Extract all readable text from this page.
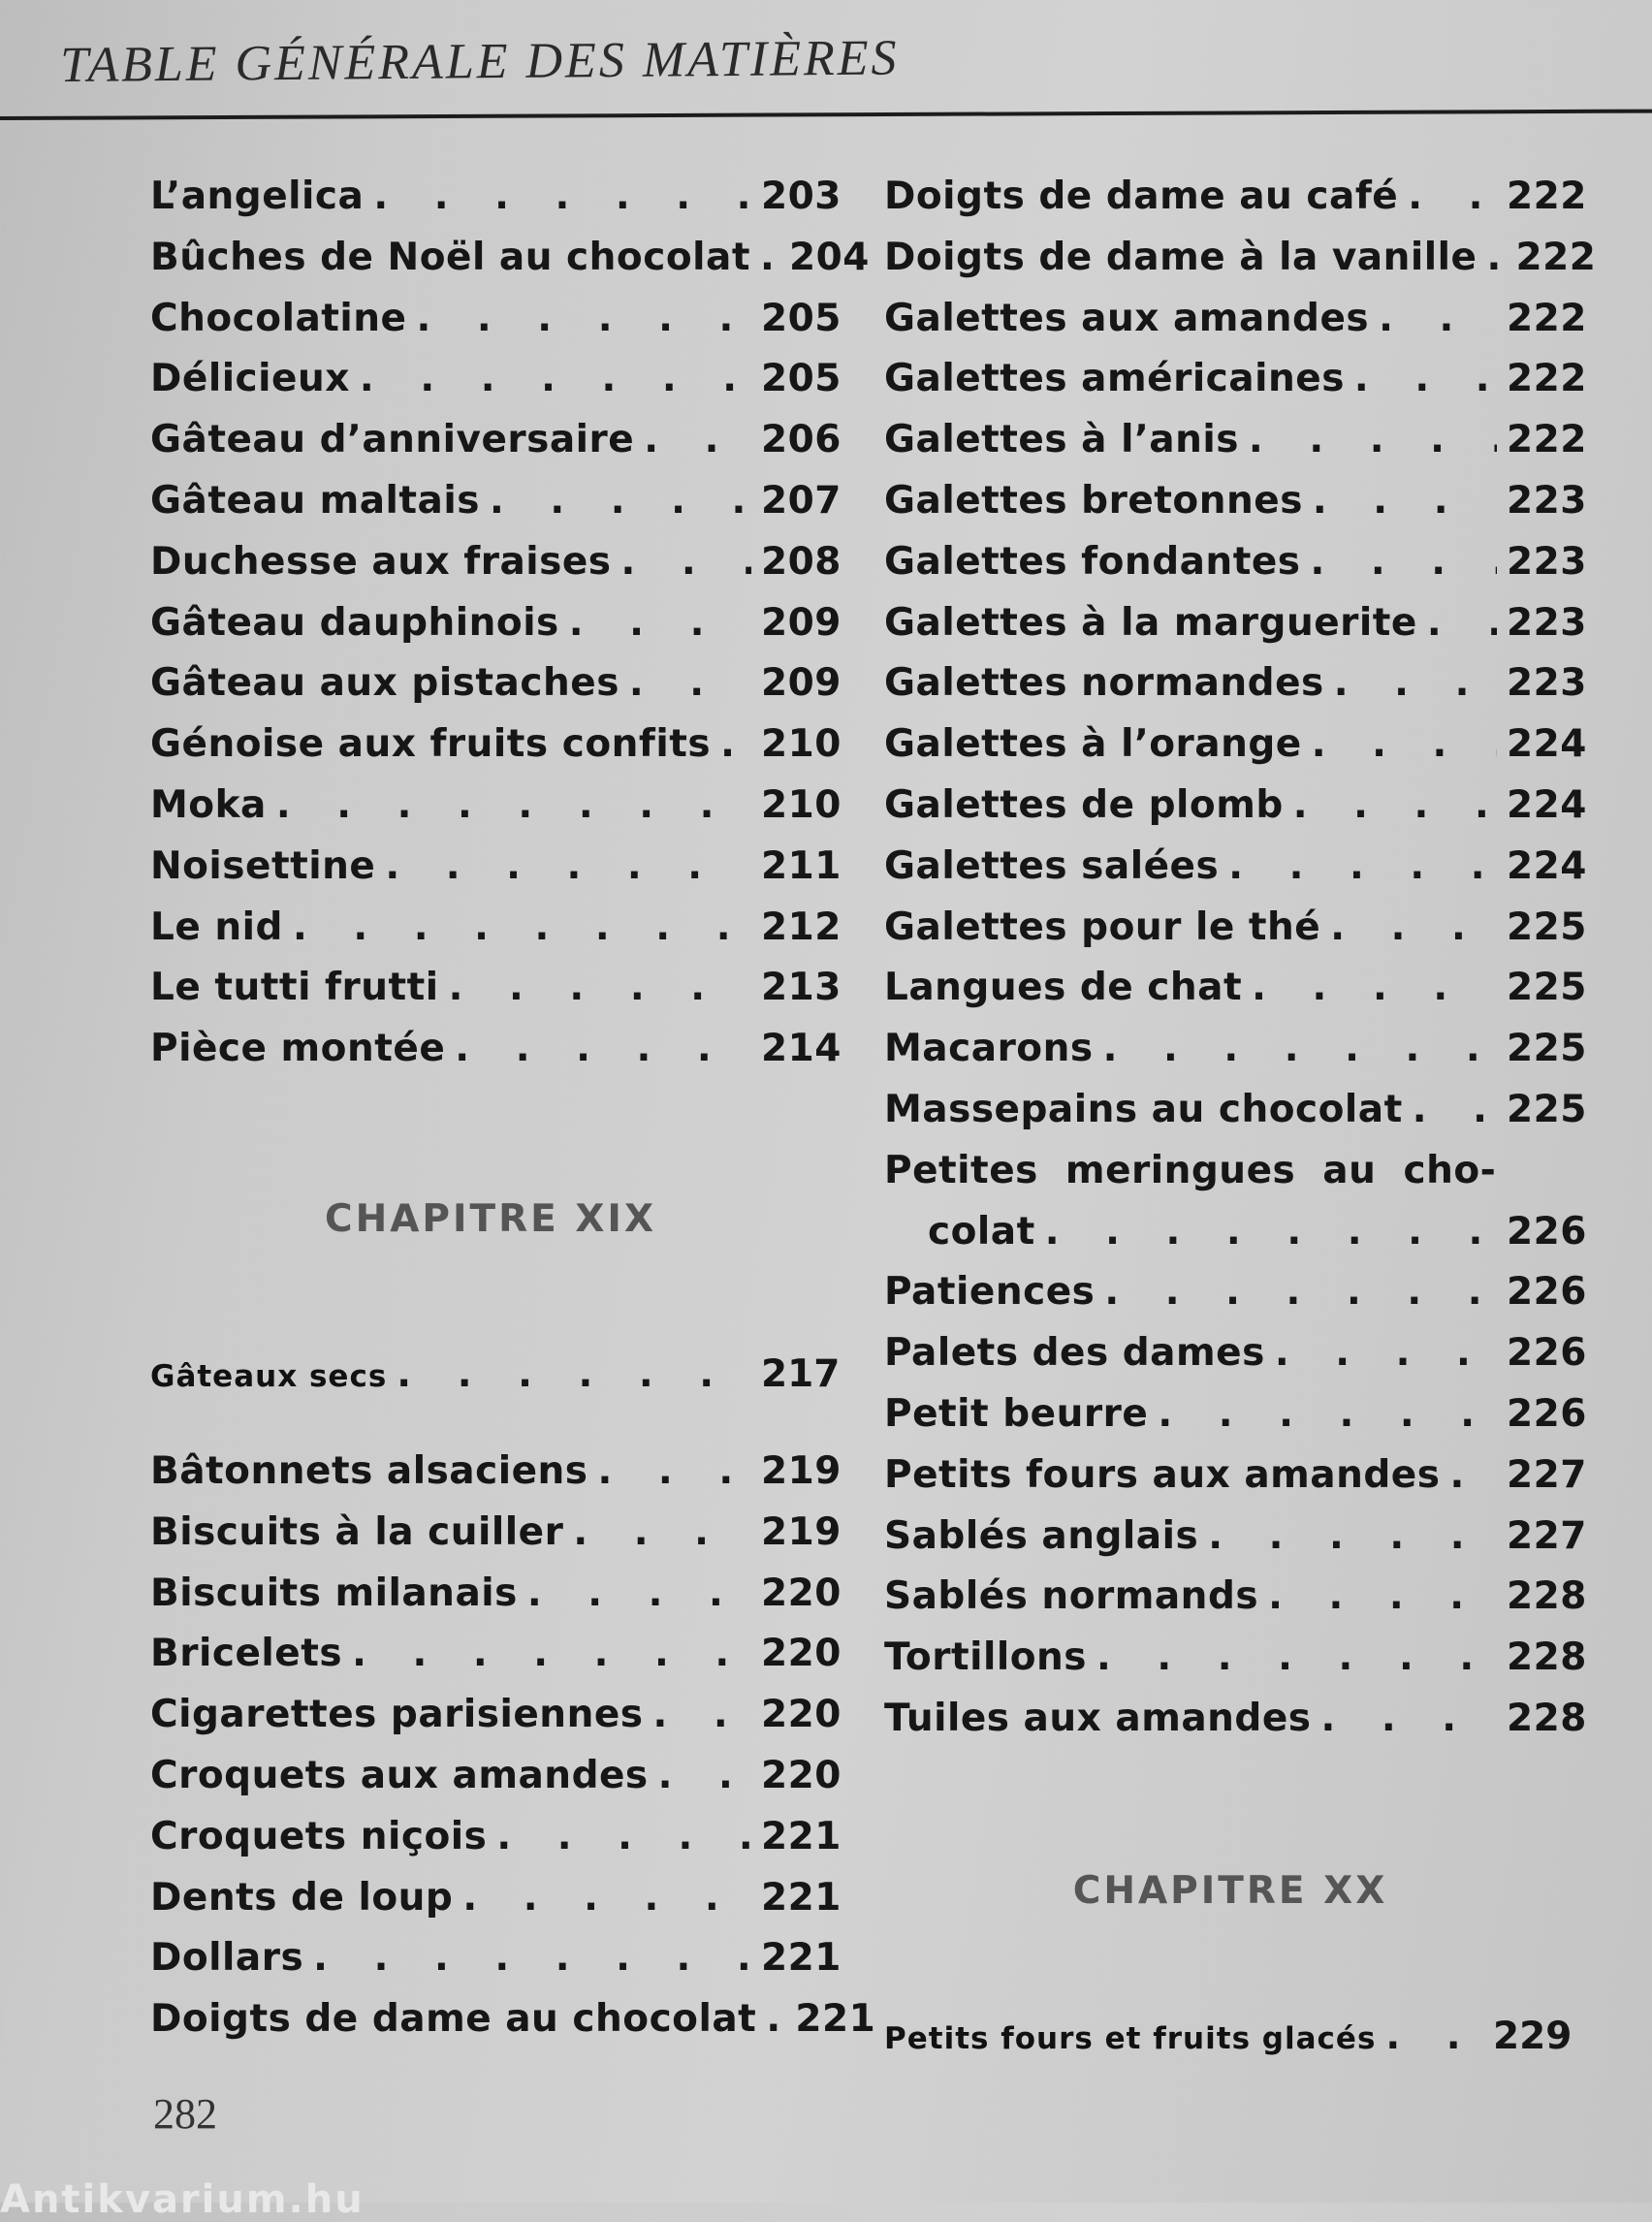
TABLE GÉNÉRALE DES MATIÈRES
L’angelica . . .	203
Bûches de Noël au chocolat . . . 204
Chocolatine . . .	205
Délicieux . . .	205
Gâteau d’anniversaire . . .	206
Gâteau maltais . . .	207
Duchesse aux fraises . . .	208
Gâteau dauphinois . . .	209
Gâteau aux pistaches . . .	209
Génoise aux fruits confits . . . 210
Moka . . .	210
Noisettine . . .	211
Le nid . . .	212
Le tutti frutti . . .	213
Pièce montée . . .	214
CHAPITRE XIX
Gâteaux secs . . .	217
Bâtonnets alsaciens . . .	219
Biscuits à la cuiller . . .	219
Biscuits milanais . . .	220
Bricelets . . .	220
Cigarettes parisiennes . . .	220
Croquets aux amandes . . .	220
Croquets niçois . . .	221
Dents de loup . . .	221
Dollars . . .	221
Doigts de dame au chocolat . . . 221
Doigts de dame au café . . .	222
Doigts de dame à la vanille . . . 222
Galettes aux amandes . . .	222
Galettes américaines . . .	222
Galettes à l’anis . . .	222
Galettes bretonnes . . .	223
Galettes fondantes . . .	223
Galettes à la marguerite . . . 223
Galettes normandes . . .	223
Galettes à l’orange . . .	224
Galettes de plomb . . .	224
Galettes salées . . .	224
Galettes pour le thé . . .	225
Langues de chat . . .	225
Macarons . . .	225
Massepains au chocolat . . .	225
Petites meringues au cho-
colat . . .	226
Patiences . . .	226
Palets des dames . . .	226
Petit beurre . . .	226
Petits fours aux amandes . . . 227
Sablés anglais . . .	227
Sablés normands . . .	228
Tortillons . . .	228
Tuiles aux amandes . . .	228
CHAPITRE XX
Petits fours et fruits glacés . . .	229
282
Antikvarium.hu
